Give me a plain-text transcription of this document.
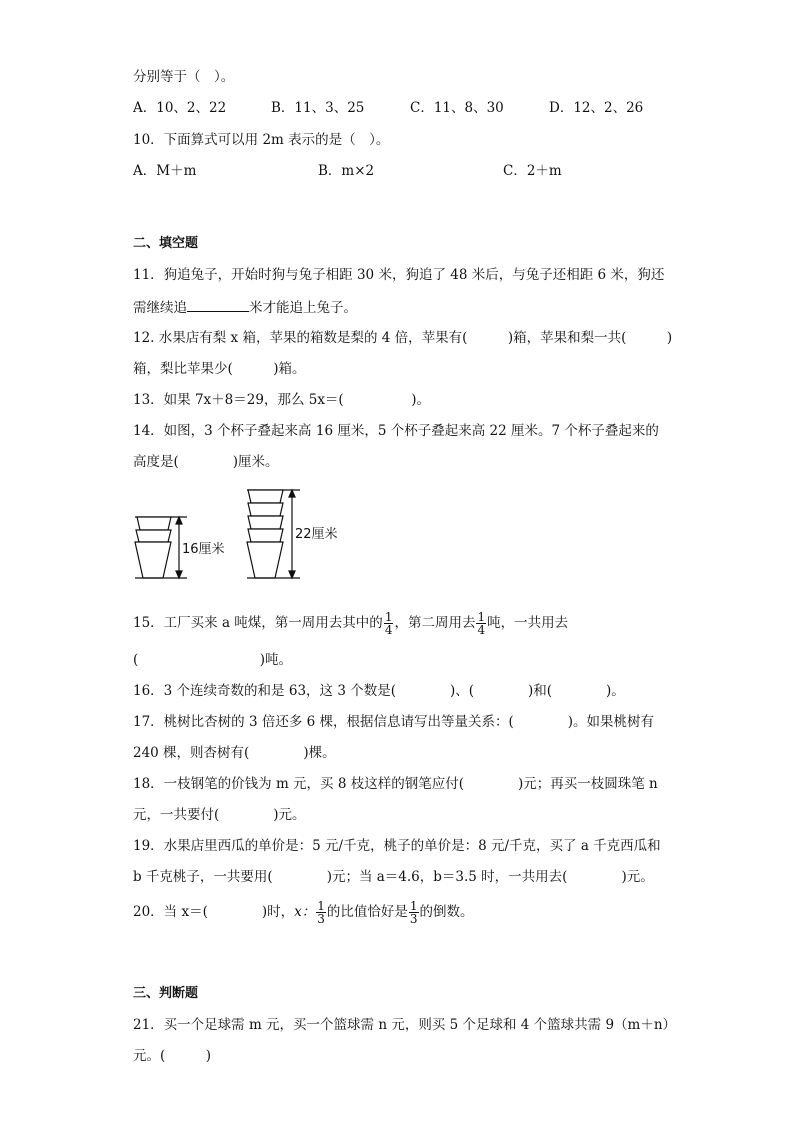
分别等于（　）。
A．10、2、22	B．11、3、25	C．11、8、30	D．12、2、26
10．下面算式可以用 2m 表示的是（　）。
A．M＋m	B．m×2	C．2＋m
二、填空题
11．狗追兔子，开始时狗与兔子相距 30 米，狗追了 48 米后，与兔子还相距 6 米，狗还
需继续追	米才能追上兔子。
12. 水果店有梨 x 箱，苹果的箱数是梨的 4 倍，苹果有(　　　)箱，苹果和梨一共(　　　)
箱，梨比苹果少(　　　)箱。
13．如果 7x＋8＝29，那么 5x＝(　　　　　)。
14．如图，3 个杯子叠起来高 16 厘米，5 个杯子叠起来高 22 厘米。7 个杯子叠起来的
高度是(　　　　)厘米。
16厘米
22厘米
15．工厂买来 a 吨煤，第一周用去其中的 $\frac{1}{4}$ ，第二周用去 $\frac{1}{4}$ 吨，一共用去
(　　　　　　　　　)吨。
16．3 个连续奇数的和是 63，这 3 个数是(　　　　)、(　　　　)和(　　　　)。
17．桃树比杏树的 3 倍还多 6 棵，根据信息请写出等量关系：(　　　　)。如果桃树有
240 棵，则杏树有(　　　　)棵。
18．一枝钢笔的价钱为 m 元，买 8 枝这样的钢笔应付(　　　　)元；再买一枝圆珠笔 n
元，一共要付(　　　　)元。
19．水果店里西瓜的单价是：5 元/千克，桃子的单价是：8 元/千克，买了 a 千克西瓜和
b 千克桃子，一共要用(　　　　)元；当 a＝4.6，b＝3.5 时，一共用去(　　　　)元。
20．当 x＝(　　　　)时，x： $\frac{1}{3}$ 的比值恰好是 $\frac{1}{3}$ 的倒数。
三、判断题
21．买一个足球需 m 元，买一个篮球需 n 元，则买 5 个足球和 4 个篮球共需 9（m＋n）
元。(　　　)
